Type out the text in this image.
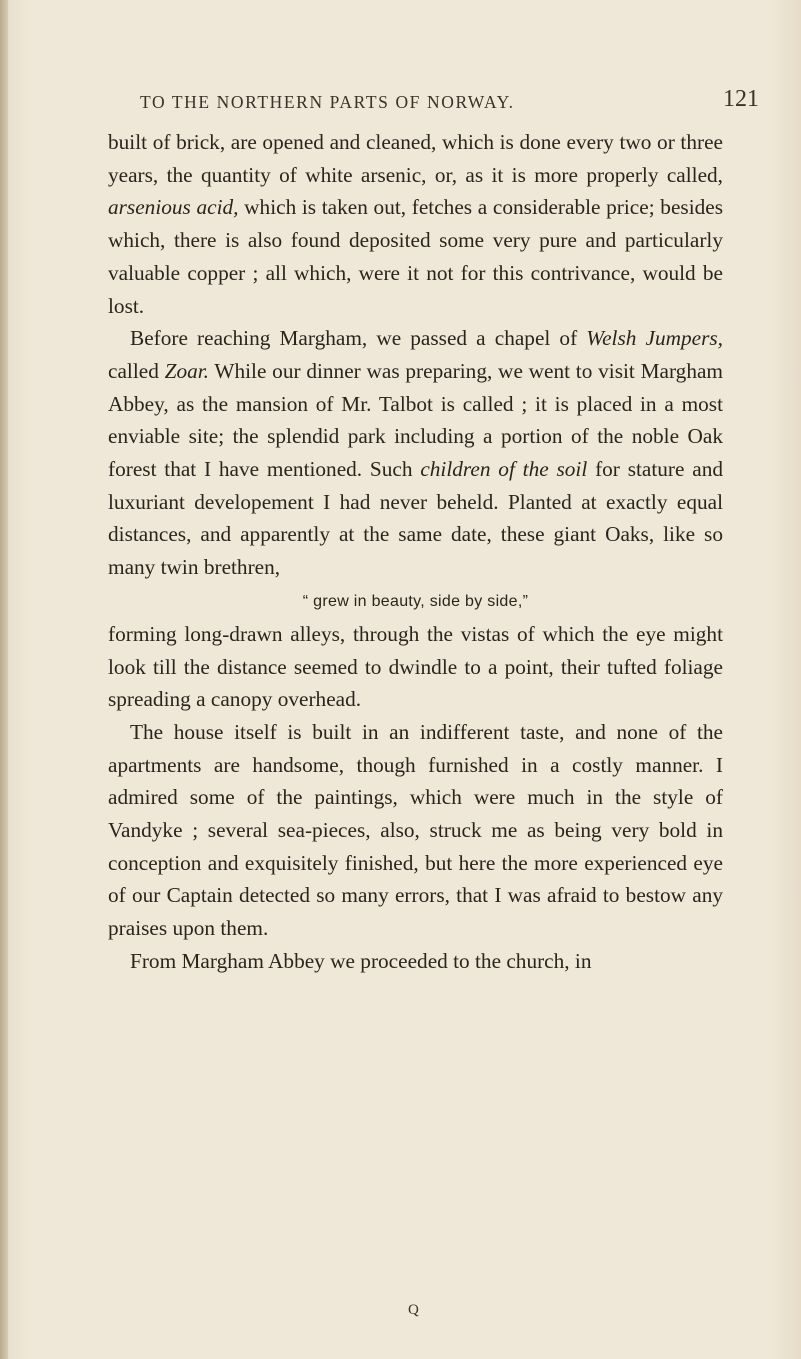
TO THE NORTHERN PARTS OF NORWAY.	121

built of brick, are opened and cleaned, which is done every two or three years, the quantity of white arsenic, or, as it is more properly called, arsenious acid, which is taken out, fetches a considerable price; besides which, there is also found deposited some very pure and particularly valuable copper ; all which, were it not for this contrivance, would be lost.

Before reaching Margham, we passed a chapel of Welsh Jumpers, called Zoar. While our dinner was preparing, we went to visit Margham Abbey, as the mansion of Mr. Talbot is called ; it is placed in a most enviable site; the splendid park including a portion of the noble Oak forest that I have mentioned. Such children of the soil for stature and luxuriant developement I had never beheld. Planted at exactly equal distances, and apparently at the same date, these giant Oaks, like so many twin brethren,

“ grew in beauty, side by side,”

forming long-drawn alleys, through the vistas of which the eye might look till the distance seemed to dwindle to a point, their tufted foliage spreading a canopy overhead.

The house itself is built in an indifferent taste, and none of the apartments are handsome, though furnished in a costly manner. I admired some of the paintings, which were much in the style of Vandyke ; several sea-pieces, also, struck me as being very bold in conception and exquisitely finished, but here the more experienced eye of our Captain detected so many errors, that I was afraid to bestow any praises upon them.

From Margham Abbey we proceeded to the church, in

Q
